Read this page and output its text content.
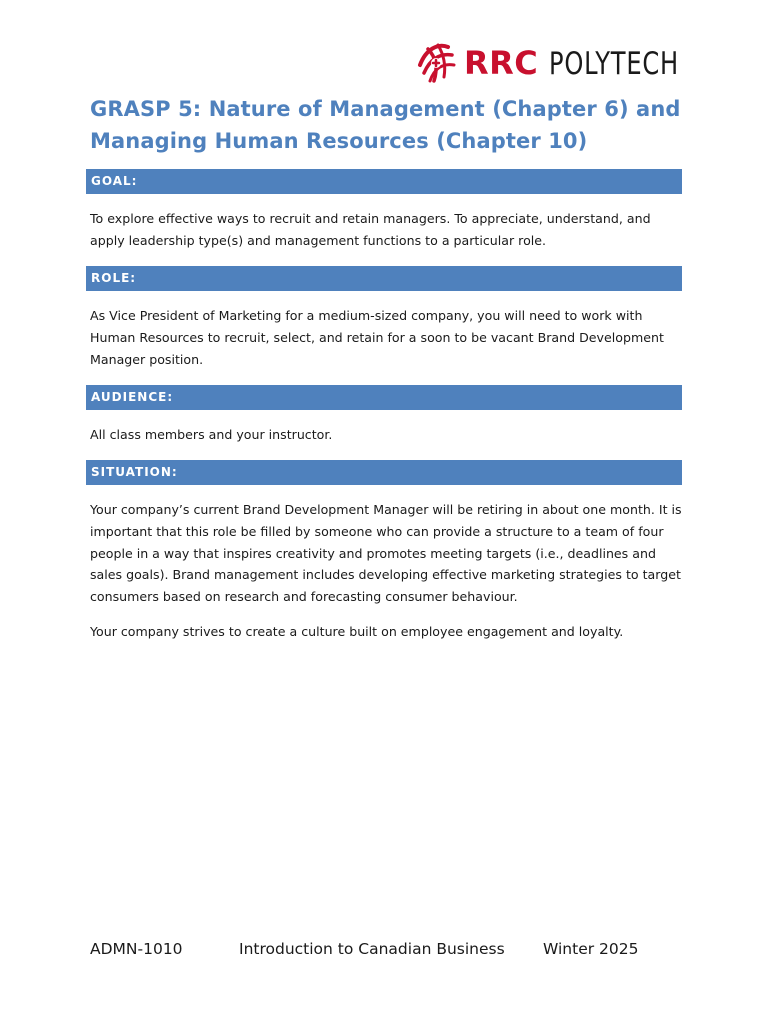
RRC POLYTECH
GRASP 5: Nature of Management (Chapter 6) and Managing Human Resources (Chapter 10)
GOAL:

To explore effective ways to recruit and retain managers. To appreciate, understand, and apply leadership type(s) and management functions to a particular role.

ROLE:

As Vice President of Marketing for a medium-sized company, you will need to work with Human Resources to recruit, select, and retain for a soon to be vacant Brand Development Manager position.

AUDIENCE:

All class members and your instructor.

SITUATION:

Your company’s current Brand Development Manager will be retiring in about one month. It is important that this role be filled by someone who can provide a structure to a team of four people in a way that inspires creativity and promotes meeting targets (i.e., deadlines and sales goals). Brand management includes developing effective marketing strategies to target consumers based on research and forecasting consumer behaviour.

Your company strives to create a culture built on employee engagement and loyalty.

ADMN-1010	Introduction to Canadian Business Winter 2025
